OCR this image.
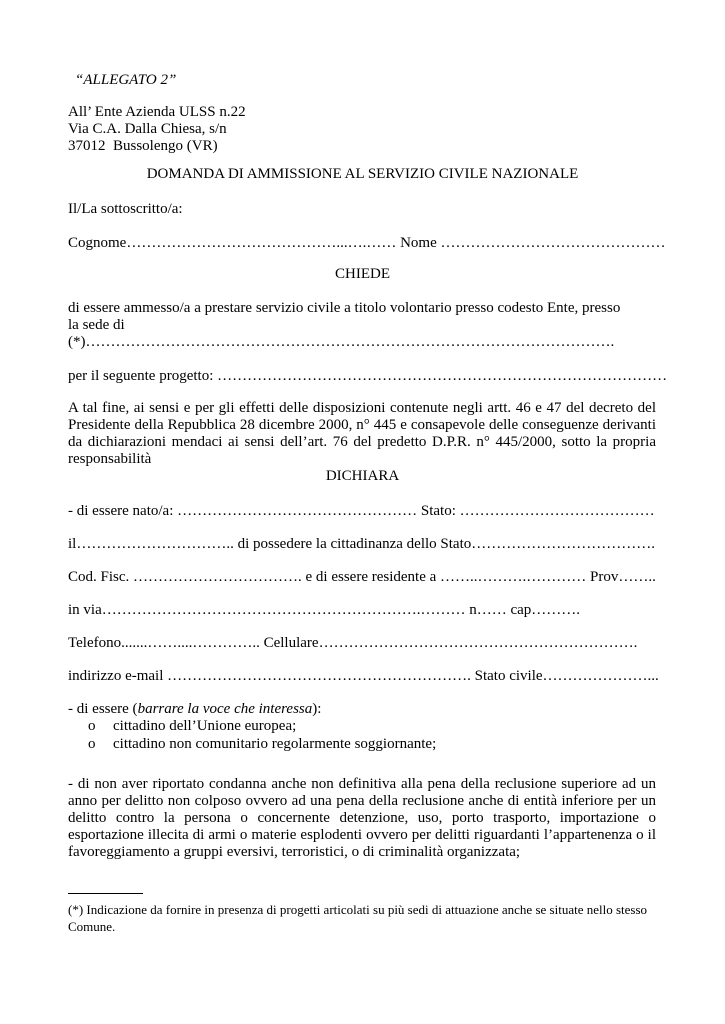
“ALLEGATO 2”
All’ Ente Azienda ULSS n.22
Via C.A. Dalla Chiesa, s/n
37012  Bussolengo (VR)
DOMANDA DI AMMISSIONE AL SERVIZIO CIVILE NAZIONALE
Il/La sottoscritto/a:
Cognome……………………………………...….…… Nome ………………………………………
CHIEDE
di essere ammesso/a a prestare servizio civile a titolo volontario presso codesto Ente, presso
la sede di
(*)…………………………………………………………………………………………….
per il seguente progetto: ………………………………………………………………………………
A tal fine, ai sensi e per gli effetti delle disposizioni contenute negli artt. 46 e 47 del decreto del Presidente della Repubblica 28 dicembre 2000, n° 445 e consapevole delle conseguenze derivanti da dichiarazioni mendaci ai sensi dell’art. 76 del predetto D.P.R. n° 445/2000, sotto la propria responsabilità
DICHIARA
- di essere nato/a: ………………………………………… Stato: …………………………………
il………………………….. di possedere la cittadinanza dello Stato……………………………….
Cod. Fisc. ……………………………. e di essere residente a ……..……….………… Prov……..
in via……………………………………………………….……… n…… cap……….
Telefono.......……....………….. Cellulare……………………………………………………….
indirizzo e-mail ……………………………………………………. Stato civile…………………...
- di essere (barrare la voce che interessa):
o cittadino dell’Unione europea;
o cittadino non comunitario regolarmente soggiornante;
- di non aver riportato condanna anche non definitiva alla pena della reclusione superiore ad un anno per delitto non colposo ovvero ad una pena della reclusione anche di entità inferiore per un delitto contro la persona o concernente detenzione, uso, porto trasporto, importazione o esportazione illecita di armi o materie esplodenti ovvero per delitti riguardanti l’appartenenza o il favoreggiamento a gruppi eversivi, terroristici, o di criminalità organizzata;
(*) Indicazione da fornire in presenza di progetti articolati su più sedi di attuazione anche se situate nello stesso Comune.
